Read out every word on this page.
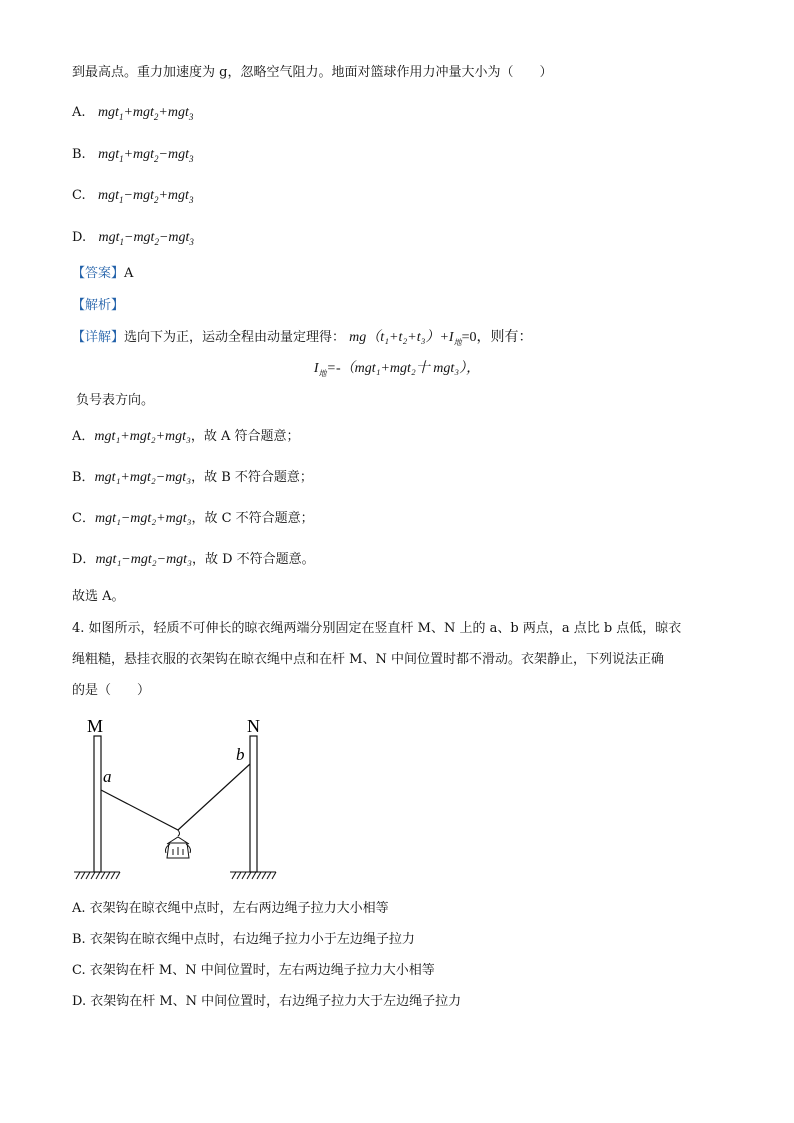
到最高点。重力加速度为 g，忽略空气阻力。地面对篮球作用力冲量大小为（　　）
A. mgt$_1$+mgt$_2$+mgt$_3$
B. mgt$_1$+mgt$_2$−mgt$_3$
C. mgt$_1$−mgt$_2$+mgt$_3$
D. mgt$_1$−mgt$_2$−mgt$_3$
【答案】A
【解析】
【详解】选向下为正，运动全程由动量定理得： $mg(t_1+t_2+t_3)+I_地=0$，则有：
$I_地=-(mgt_1+mgt_2$十 mgt₃），
负号表方向。
A．mgt₁+mgt₂+mgt₃，故 A 符合题意；
B．mgt₁+mgt₂−mgt₃，故 B 不符合题意；
C．mgt₁−mgt₂+mgt₃，故 C 不符合题意；
D．mgt₁−mgt₂−mgt₃，故 D 不符合题意。
故选 A。
4. 如图所示，轻质不可伸长的晾衣绳两端分别固定在竖直杆 M、N 上的 a、b 两点，a 点比 b 点低，晾衣
绳粗糙，悬挂衣服的衣架钩在晾衣绳中点和在杆 M、N 中间位置时都不滑动。衣架静止，下列说法正确
的是（　　）
M	N
a
b
A. 衣架钩在晾衣绳中点时，左右两边绳子拉力大小相等
B. 衣架钩在晾衣绳中点时，右边绳子拉力小于左边绳子拉力
C. 衣架钩在杆 M、N 中间位置时，左右两边绳子拉力大小相等
D. 衣架钩在杆 M、N 中间位置时，右边绳子拉力大于左边绳子拉力
